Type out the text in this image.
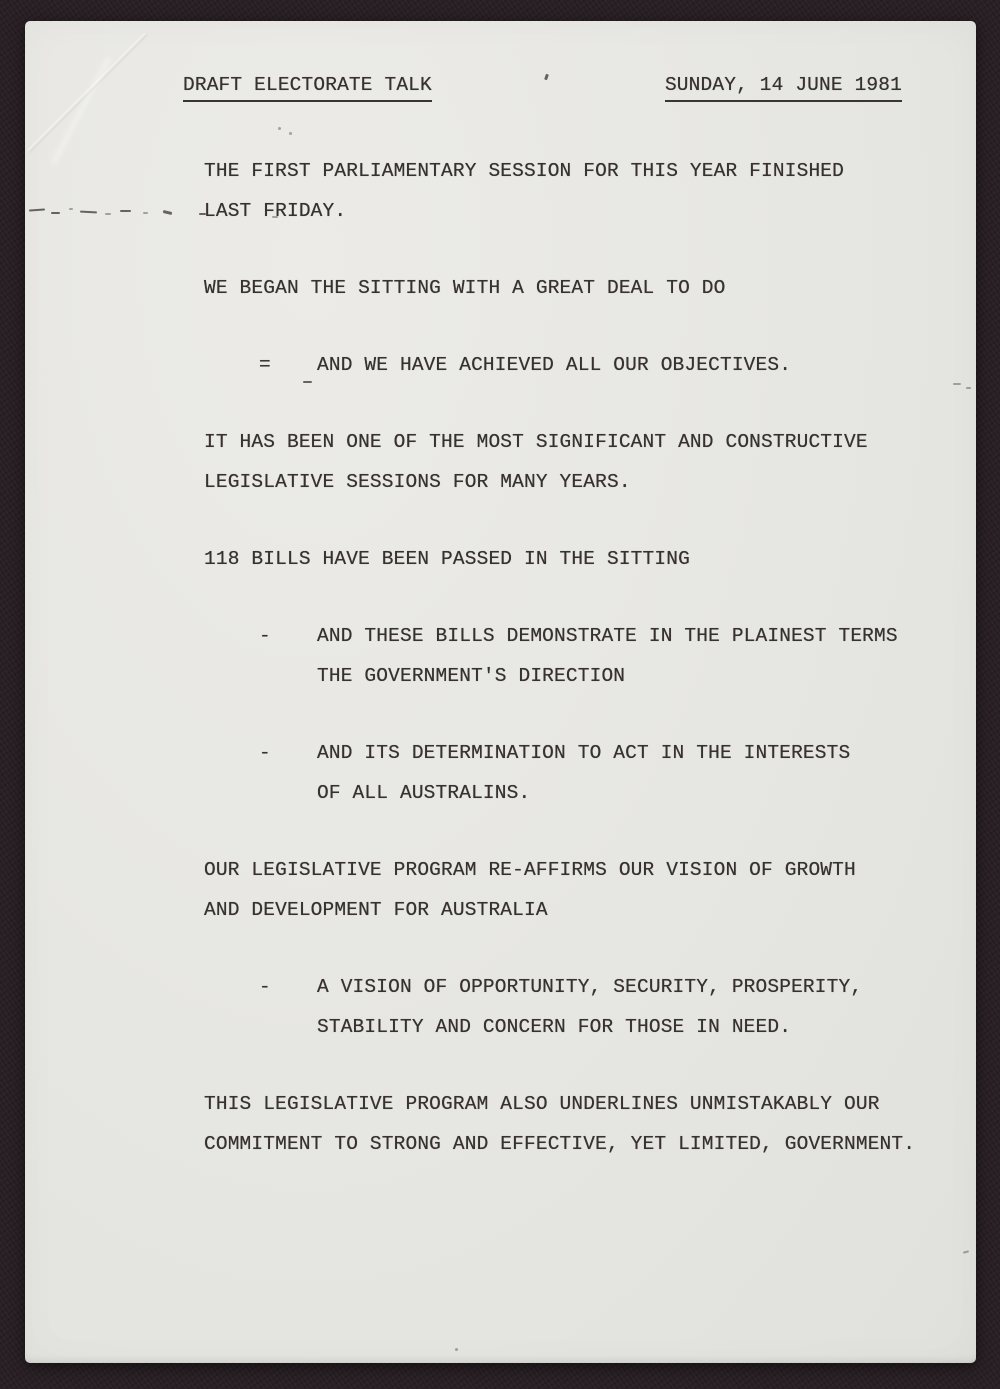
DRAFT ELECTORATE TALK	SUNDAY, 14 JUNE 1981
THE FIRST PARLIAMENTARY SESSION FOR THIS YEAR FINISHED
LAST FRIDAY.
WE BEGAN THE SITTING WITH A GREAT DEAL TO DO
=	AND WE HAVE ACHIEVED ALL OUR OBJECTIVES.
IT HAS BEEN ONE OF THE MOST SIGNIFICANT AND CONSTRUCTIVE
LEGISLATIVE SESSIONS FOR MANY YEARS.
118 BILLS HAVE BEEN PASSED IN THE SITTING
-	AND THESE BILLS DEMONSTRATE IN THE PLAINEST TERMS
THE GOVERNMENT'S DIRECTION
-	AND ITS DETERMINATION TO ACT IN THE INTERESTS
OF ALL AUSTRALINS.
OUR LEGISLATIVE PROGRAM RE-AFFIRMS OUR VISION OF GROWTH
AND DEVELOPMENT FOR AUSTRALIA
-	A VISION OF OPPORTUNITY, SECURITY, PROSPERITY,
STABILITY AND CONCERN FOR THOSE IN NEED.
THIS LEGISLATIVE PROGRAM ALSO UNDERLINES UNMISTAKABLY OUR
COMMITMENT TO STRONG AND EFFECTIVE, YET LIMITED, GOVERNMENT.
